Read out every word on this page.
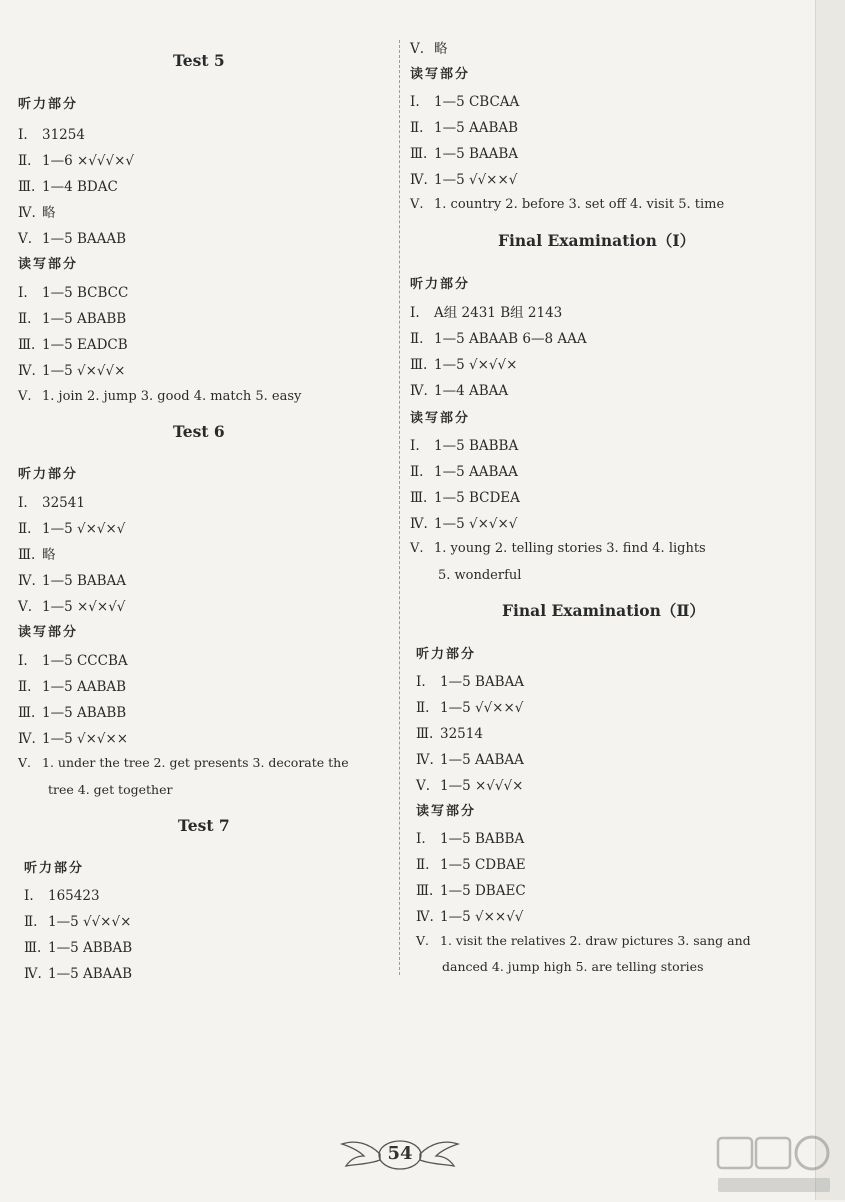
Test 5
听力部分
Ⅰ. 31254
Ⅱ. 1—6 ×√√√×√
Ⅲ. 1—4 BDAC
Ⅳ. 略
Ⅴ. 1—5 BAAAB
读写部分
Ⅰ. 1—5 BCBCC
Ⅱ. 1—5 ABABB
Ⅲ. 1—5 EADCB
Ⅳ. 1—5 √×√√×
Ⅴ. 1. join 2. jump 3. good 4. match 5. easy
Test 6
听力部分
Ⅰ. 32541
Ⅱ. 1—5 √×√×√
Ⅲ. 略
Ⅳ. 1—5 BABAA
Ⅴ. 1—5 ×√×√√
读写部分
Ⅰ. 1—5 CCCBA
Ⅱ. 1—5 AABAB
Ⅲ. 1—5 ABABB
Ⅳ. 1—5 √×√××
Ⅴ. 1. under the tree 2. get presents 3. decorate the
tree 4. get together
Test 7
听力部分
Ⅰ. 165423
Ⅱ. 1—5 √√×√×
Ⅲ. 1—5 ABBAB
Ⅳ. 1—5 ABAAB
Ⅴ. 略
读写部分
Ⅰ. 1—5 CBCAA
Ⅱ. 1—5 AABAB
Ⅲ. 1—5 BAABA
Ⅳ. 1—5 √√××√
Ⅴ. 1. country 2. before 3. set off 4. visit 5. time
Final Examination（Ⅰ）
听力部分
Ⅰ. A组 2431 B组 2143
Ⅱ. 1—5 ABAAB 6—8 AAA
Ⅲ. 1—5 √×√√×
Ⅳ. 1—4 ABAA
读写部分
Ⅰ. 1—5 BABBA
Ⅱ. 1—5 AABAA
Ⅲ. 1—5 BCDEA
Ⅳ. 1—5 √×√×√
Ⅴ. 1. young 2. telling stories 3. find 4. lights
5. wonderful
Final Examination（Ⅱ）
听力部分
Ⅰ. 1—5 BABAA
Ⅱ. 1—5 √√××√
Ⅲ. 32514
Ⅳ. 1—5 AABAA
Ⅴ. 1—5 ×√√√×
读写部分
Ⅰ. 1—5 BABBA
Ⅱ. 1—5 CDBAE
Ⅲ. 1—5 DBAEC
Ⅳ. 1—5 √××√√
Ⅴ. 1. visit the relatives 2. draw pictures 3. sang and
danced 4. jump high 5. are telling stories
54
